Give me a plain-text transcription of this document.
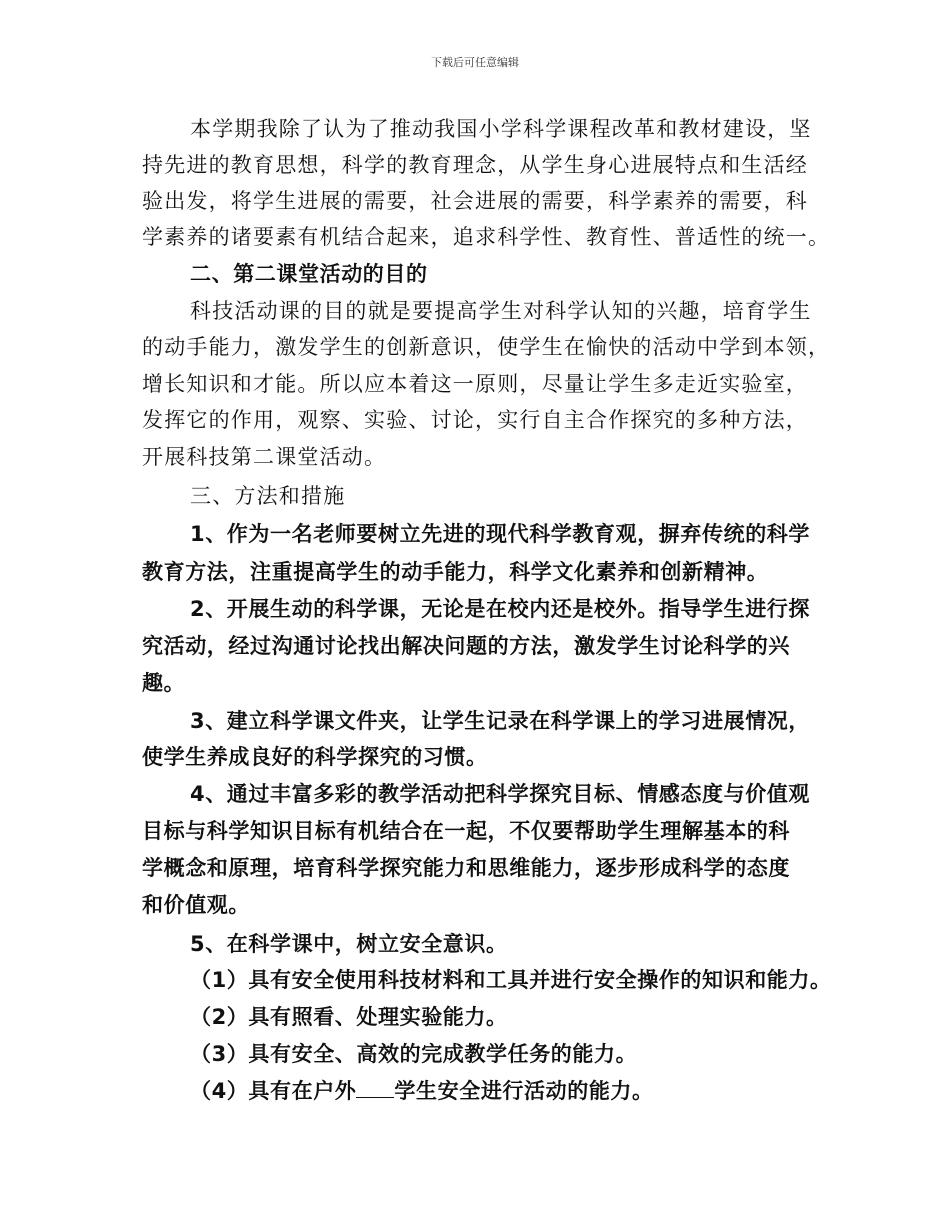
下载后可任意编辑
本学期我除了认为了推动我国小学科学课程改革和教材建设，坚
持先进的教育思想，科学的教育理念，从学生身心进展特点和生活经
验出发，将学生进展的需要，社会进展的需要，科学素养的需要，科
学素养的诸要素有机结合起来，追求科学性、教育性、普适性的统一。
二、第二课堂活动的目的
科技活动课的目的就是要提高学生对科学认知的兴趣，培育学生
的动手能力，激发学生的创新意识，使学生在愉快的活动中学到本领，
增长知识和才能。所以应本着这一原则，尽量让学生多走近实验室，
发挥它的作用，观察、实验、讨论，实行自主合作探究的多种方法，
开展科技第二课堂活动。
三、方法和措施
1、作为一名老师要树立先进的现代科学教育观，摒弃传统的科学
教育方法，注重提高学生的动手能力，科学文化素养和创新精神。
2、开展生动的科学课，无论是在校内还是校外。指导学生进行探
究活动，经过沟通讨论找出解决问题的方法，激发学生讨论科学的兴
趣。
3、建立科学课文件夹，让学生记录在科学课上的学习进展情况，
使学生养成良好的科学探究的习惯。
4、通过丰富多彩的教学活动把科学探究目标、情感态度与价值观
目标与科学知识目标有机结合在一起，不仅要帮助学生理解基本的科
学概念和原理，培育科学探究能力和思维能力，逐步形成科学的态度
和价值观。
5、在科学课中，树立安全意识。
（1）具有安全使用科技材料和工具并进行安全操作的知识和能力。
（2）具有照看、处理实验能力。
（3）具有安全、高效的完成教学任务的能力。
（4）具有在户外 学生安全进行活动的能力。
